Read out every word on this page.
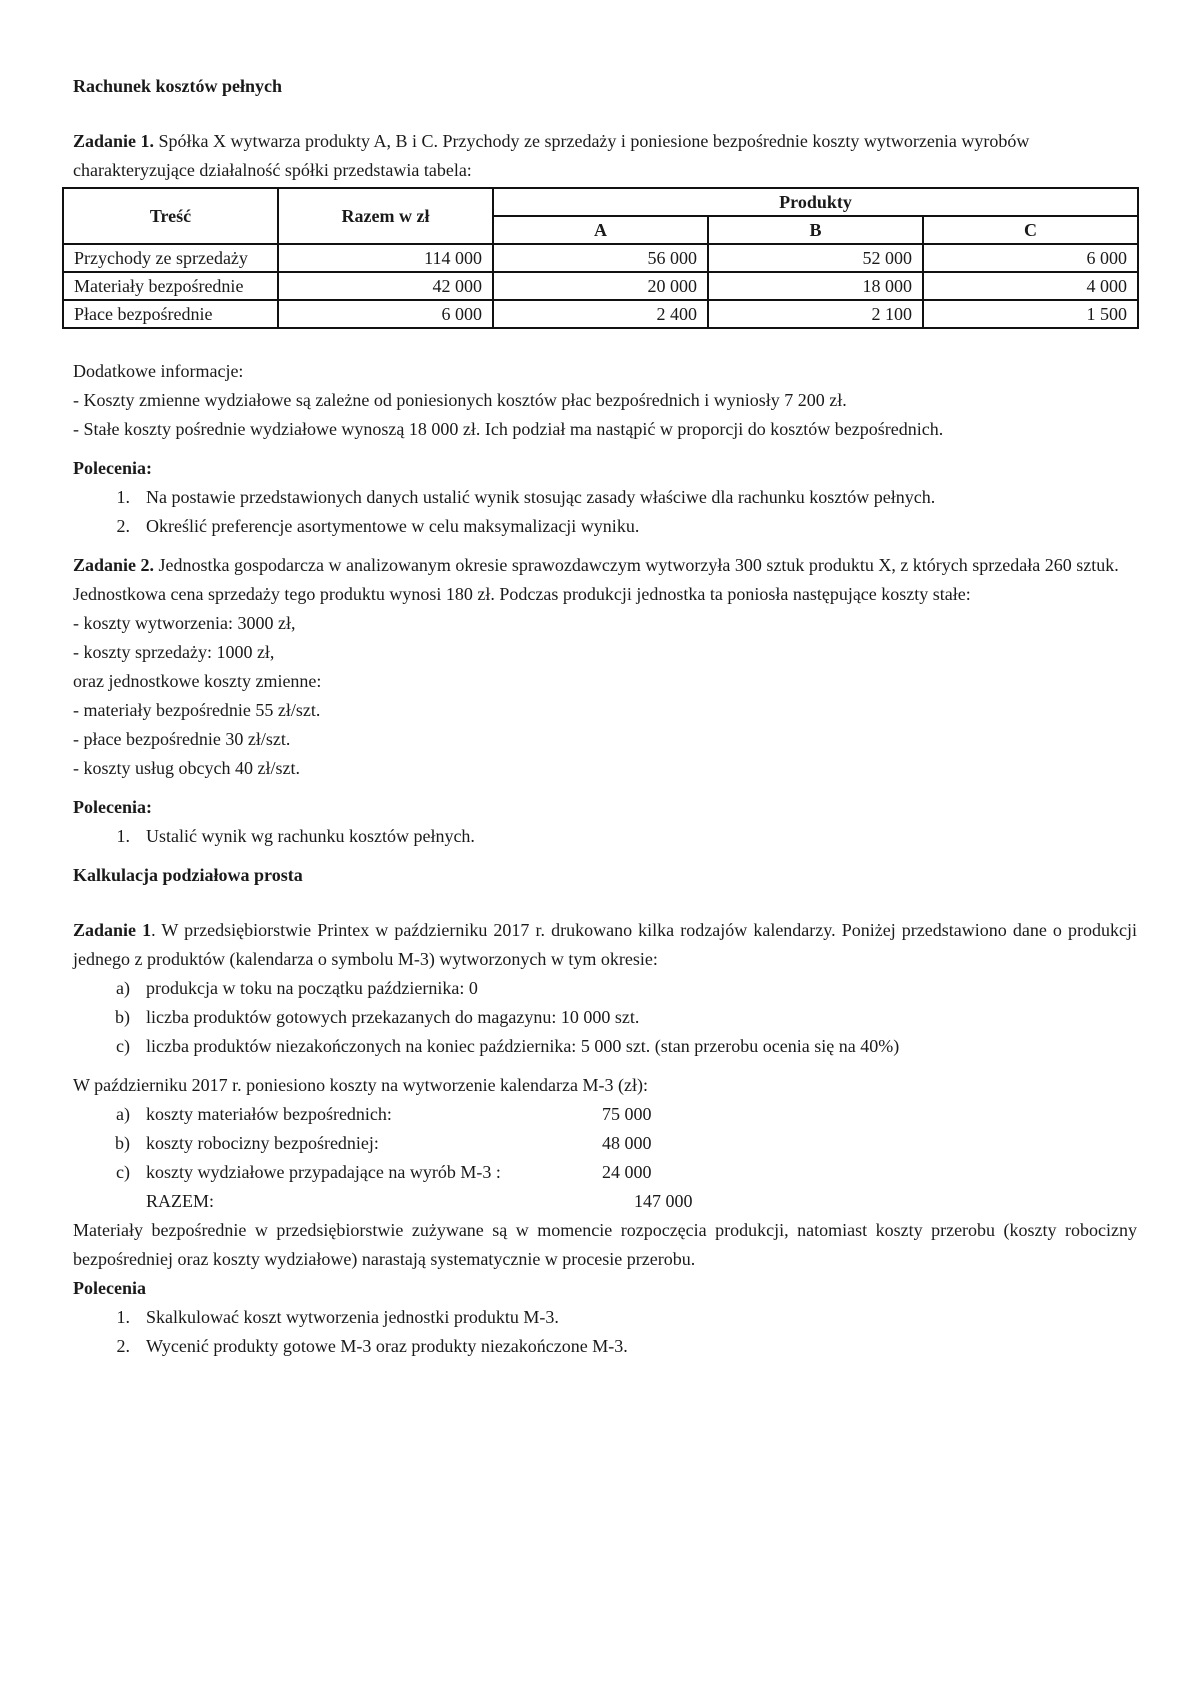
Rachunek kosztów pełnych

Zadanie 1. Spółka X wytwarza produkty A, B i C. Przychody ze sprzedaży i poniesione bezpośrednie koszty wytworzenia wyrobów charakteryzujące działalność spółki przedstawia tabela:

Treść	Razem w zł	Produkty		
		A	B	C
Przychody ze sprzedaży	114 000	56 000	52 000	6 000
Materiały bezpośrednie	42 000	20 000	18 000	4 000
Płace bezpośrednie	6 000	2 400	2 100	1 500

Dodatkowe informacje:

- Koszty zmienne wydziałowe są zależne od poniesionych kosztów płac bezpośrednich i wyniosły 7 200 zł.

- Stałe koszty pośrednie wydziałowe wynoszą 18 000 zł. Ich podział ma nastąpić w proporcji do kosztów bezpośrednich.

Polecenia:

1. Na postawie przedstawionych danych ustalić wynik stosując zasady właściwe dla rachunku kosztów pełnych.
2. Określić preferencje asortymentowe w celu maksymalizacji wyniku.

Zadanie 2. Jednostka gospodarcza w analizowanym okresie sprawozdawczym wytworzyła 300 sztuk produktu X, z których sprzedała 260 sztuk. Jednostkowa cena sprzedaży tego produktu wynosi 180 zł. Podczas produkcji jednostka ta poniosła następujące koszty stałe:

- koszty wytworzenia: 3000 zł,

- koszty sprzedaży: 1000 zł,

oraz jednostkowe koszty zmienne:

- materiały bezpośrednie 55 zł/szt.

- płace bezpośrednie 30 zł/szt.

- koszty usług obcych 40 zł/szt.

Polecenia:

1. Ustalić wynik wg rachunku kosztów pełnych.
Kalkulacja podziałowa prosta

Zadanie 1. W przedsiębiorstwie Printex w październiku 2017 r. drukowano kilka rodzajów kalendarzy. Poniżej przedstawiono dane o produkcji jednego z produktów (kalendarza o symbolu M-3) wytworzonych w tym okresie:

a) produkcja w toku na początku października: 0
b) liczba produktów gotowych przekazanych do magazynu: 10 000 szt.
c) liczba produktów niezakończonych na koniec października: 5 000 szt. (stan przerobu ocenia się na 40%)

W październiku 2017 r. poniesiono koszty na wytworzenie kalendarza M-3 (zł):

a) koszty materiałów bezpośrednich:	75 000
b) koszty robocizny bezpośredniej:	48 000
c) koszty wydziałowe przypadające na wyrób M-3 :	24 000
RAZEM:	147 000

Materiały bezpośrednie w przedsiębiorstwie zużywane są w momencie rozpoczęcia produkcji, natomiast koszty przerobu (koszty robocizny bezpośredniej oraz koszty wydziałowe) narastają systematycznie w procesie przerobu.

Polecenia

1. Skalkulować koszt wytworzenia jednostki produktu M-3.
2. Wycenić produkty gotowe M-3 oraz produkty niezakończone M-3.
